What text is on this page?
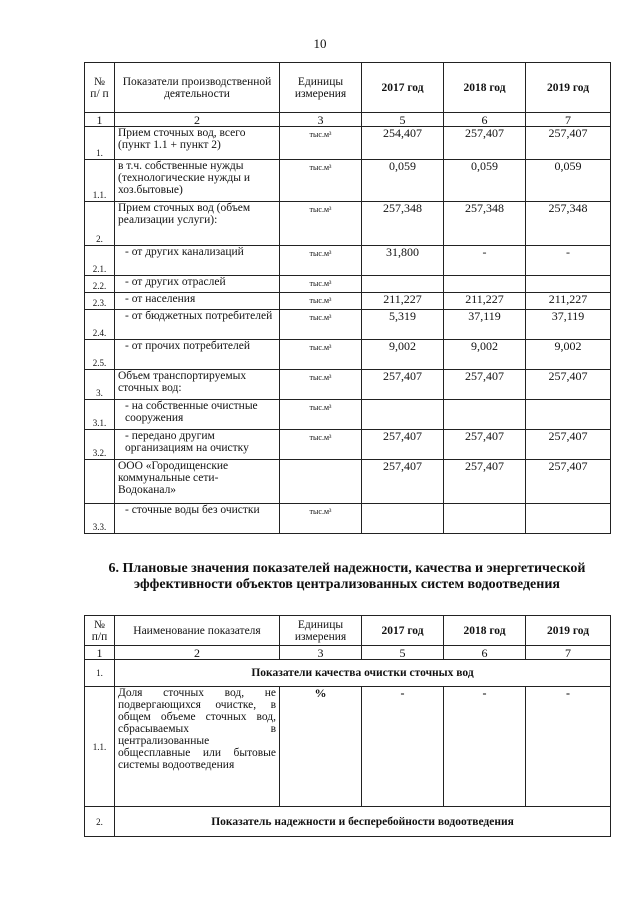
10
№ п/ п	Показатели производственной деятельности	Единицы измерения	2017 год	2018 год	2019 год
1	2	3	5	6	7
1.	Прием сточных вод, всего (пункт 1.1 + пункт 2)	тыс.м³	254,407	257,407	257,407
1.1.	в т.ч. собственные нужды (технологические нужды и хоз.бытовые)	тыс.м³	0,059	0,059	0,059
2.	Прием сточных вод (объем реализации услуги):	тыс.м³	257,348	257,348	257,348
2.1.	- от других канализаций	тыс.м³	31,800	-	-
2.2.	- от других отраслей	тыс.м³			
2.3.	- от населения	тыс.м³	211,227	211,227	211,227
2.4.	- от бюджетных потребителей	тыс.м³	5,319	37,119	37,119
2.5.	- от прочих потребителей	тыс.м³	9,002	9,002	9,002
3.	Объем транспортируемых сточных вод:	тыс.м³	257,407	257,407	257,407
3.1.	- на собственные очистные сооружения	тыс.м³			
3.2.	- передано другим организациям на очистку	тыс.м³	257,407	257,407	257,407
	ООО «Городищенские коммунальные сети-Водоканал»		257,407	257,407	257,407
3.3.	- сточные воды без очистки	тыс.м³			
6. Плановые значения показателей надежности, качества и энергетической эффективности объектов централизованных систем водоотведения
№ п/п	Наименование показателя	Единицы измерения	2017 год	2018 год	2019 год
1	2	3	5	6	7
1.	Показатели качества очистки сточных вод				
1.1.	Доля сточных вод, не подвергающихся очистке, в общем объеме сточных вод, сбрасываемых в централизованные общесплавные или бытовые системы водоотведения	%	-	-	-
2.	Показатель надежности и бесперебойности водоотведения				
